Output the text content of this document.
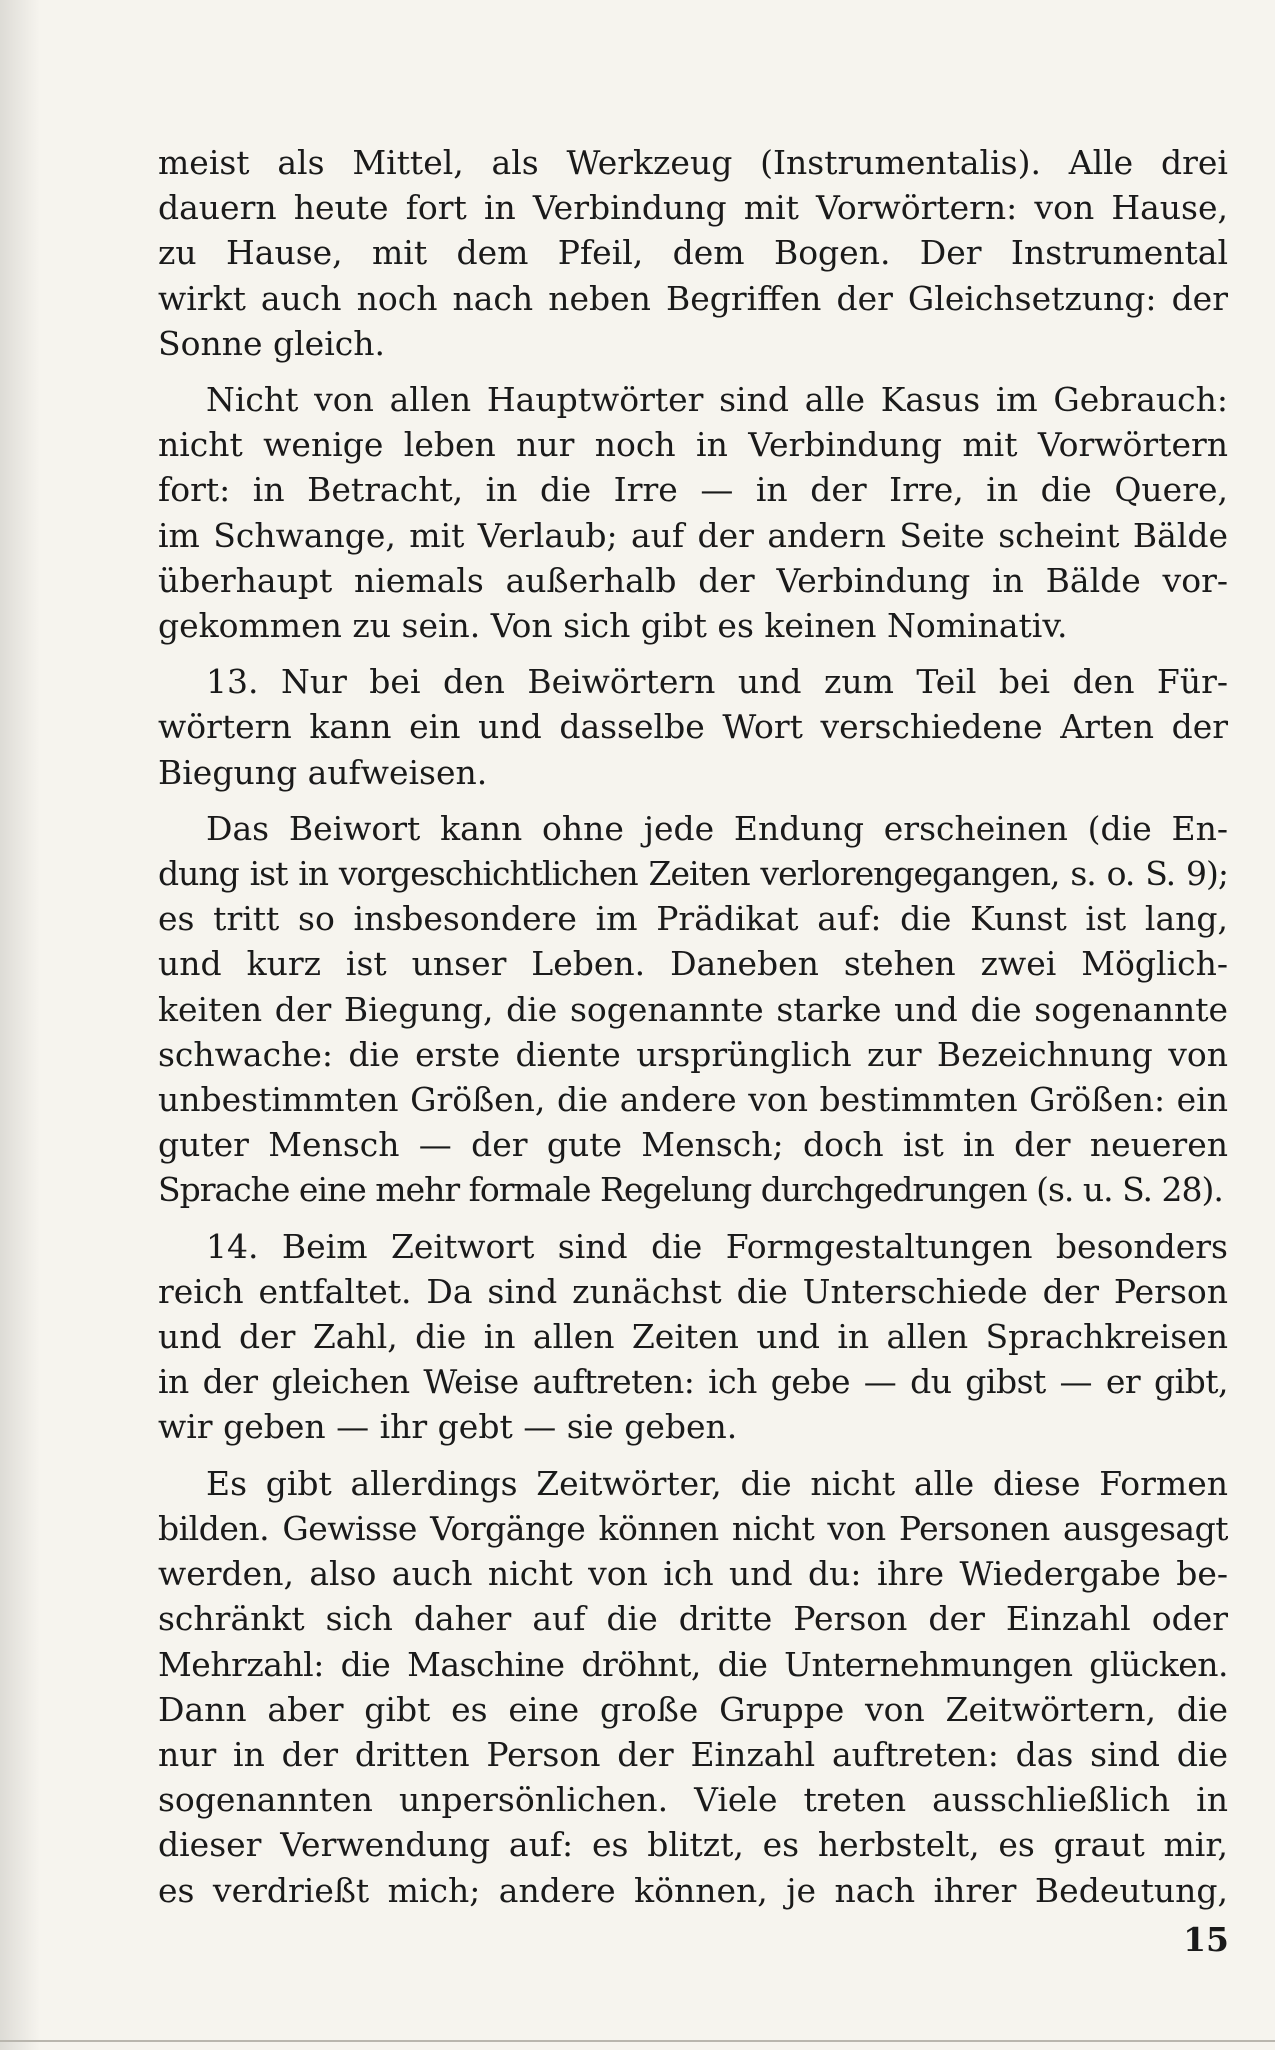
meist als Mittel, als Werkzeug (Instrumentalis). Alle drei
dauern heute fort in Verbindung mit Vorwörtern: von Hause,
zu Hause, mit dem Pfeil, dem Bogen. Der Instrumental
wirkt auch noch nach neben Begriffen der Gleichsetzung: der
Sonne gleich.
Nicht von allen Hauptwörter sind alle Kasus im Gebrauch:
nicht wenige leben nur noch in Verbindung mit Vorwörtern
fort: in Betracht, in die Irre — in der Irre, in die Quere,
im Schwange, mit Verlaub; auf der andern Seite scheint Bälde
überhaupt niemals außerhalb der Verbindung in Bälde vor-
gekommen zu sein. Von sich gibt es keinen Nominativ.
13. Nur bei den Beiwörtern und zum Teil bei den Für-
wörtern kann ein und dasselbe Wort verschiedene Arten der
Biegung aufweisen.
Das Beiwort kann ohne jede Endung erscheinen (die En-
dung ist in vorgeschichtlichen Zeiten verlorengegangen, s. o. S. 9);
es tritt so insbesondere im Prädikat auf: die Kunst ist lang,
und kurz ist unser Leben. Daneben stehen zwei Möglich-
keiten der Biegung, die sogenannte starke und die sogenannte
schwache: die erste diente ursprünglich zur Bezeichnung von
unbestimmten Größen, die andere von bestimmten Größen: ein
guter Mensch — der gute Mensch; doch ist in der neueren
Sprache eine mehr formale Regelung durchgedrungen (s. u. S. 28).
14. Beim Zeitwort sind die Formgestaltungen besonders
reich entfaltet. Da sind zunächst die Unterschiede der Person
und der Zahl, die in allen Zeiten und in allen Sprachkreisen
in der gleichen Weise auftreten: ich gebe — du gibst — er gibt,
wir geben — ihr gebt — sie geben.
Es gibt allerdings Zeitwörter, die nicht alle diese Formen
bilden. Gewisse Vorgänge können nicht von Personen ausgesagt
werden, also auch nicht von ich und du: ihre Wiedergabe be-
schränkt sich daher auf die dritte Person der Einzahl oder
Mehrzahl: die Maschine dröhnt, die Unternehmungen glücken.
Dann aber gibt es eine große Gruppe von Zeitwörtern, die
nur in der dritten Person der Einzahl auftreten: das sind die
sogenannten unpersönlichen. Viele treten ausschließlich in
dieser Verwendung auf: es blitzt, es herbstelt, es graut mir,
es verdrießt mich; andere können, je nach ihrer Bedeutung,
15
